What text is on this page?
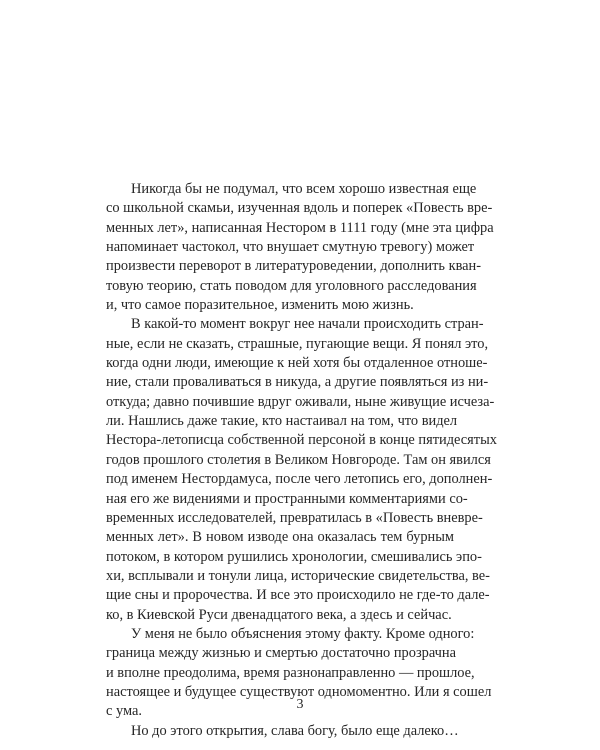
Никогда бы не подумал, что всем хорошо известная еще
со школьной скамьи, изученная вдоль и поперек «Повесть вре-
менных лет», написанная Нестором в 1111 году (мне эта цифра
напоминает частокол, что внушает смутную тревогу) может
произвести переворот в литературоведении, дополнить кван-
товую теорию, стать поводом для уголовного расследования
и, что самое поразительное, изменить мою жизнь.
В какой-то момент вокруг нее начали происходить стран-
ные, если не сказать, страшные, пугающие вещи. Я понял это,
когда одни люди, имеющие к ней хотя бы отдаленное отноше-
ние, стали проваливаться в никуда, а другие появляться из ни-
откуда; давно почившие вдруг оживали, ныне живущие исчеза-
ли. Нашлись даже такие, кто настаивал на том, что видел
Нестора-летописца собственной персоной в конце пятидесятых
годов прошлого столетия в Великом Новгороде. Там он явился
под именем Нестордамуса, после чего летопись его, дополнен-
ная его же видениями и пространными комментариями со-
временных исследователей, превратилась в «Повесть вневре-
менных лет». В новом изводе она оказалась тем бурным
потоком, в котором рушились хронологии, смешивались эпо-
хи, всплывали и тонули лица, исторические свидетельства, ве-
щие сны и пророчества. И все это происходило не где-то дале-
ко, в Киевской Руси двенадцатого века, а здесь и сейчас.
У меня не было объяснения этому факту. Кроме одного:
граница между жизнью и смертью достаточно прозрачна
и вполне преодолима, время разнонаправленно — прошлое,
настоящее и будущее существуют одномоментно. Или я сошел
с ума.
Но до этого открытия, слава богу, было еще далеко…
3
